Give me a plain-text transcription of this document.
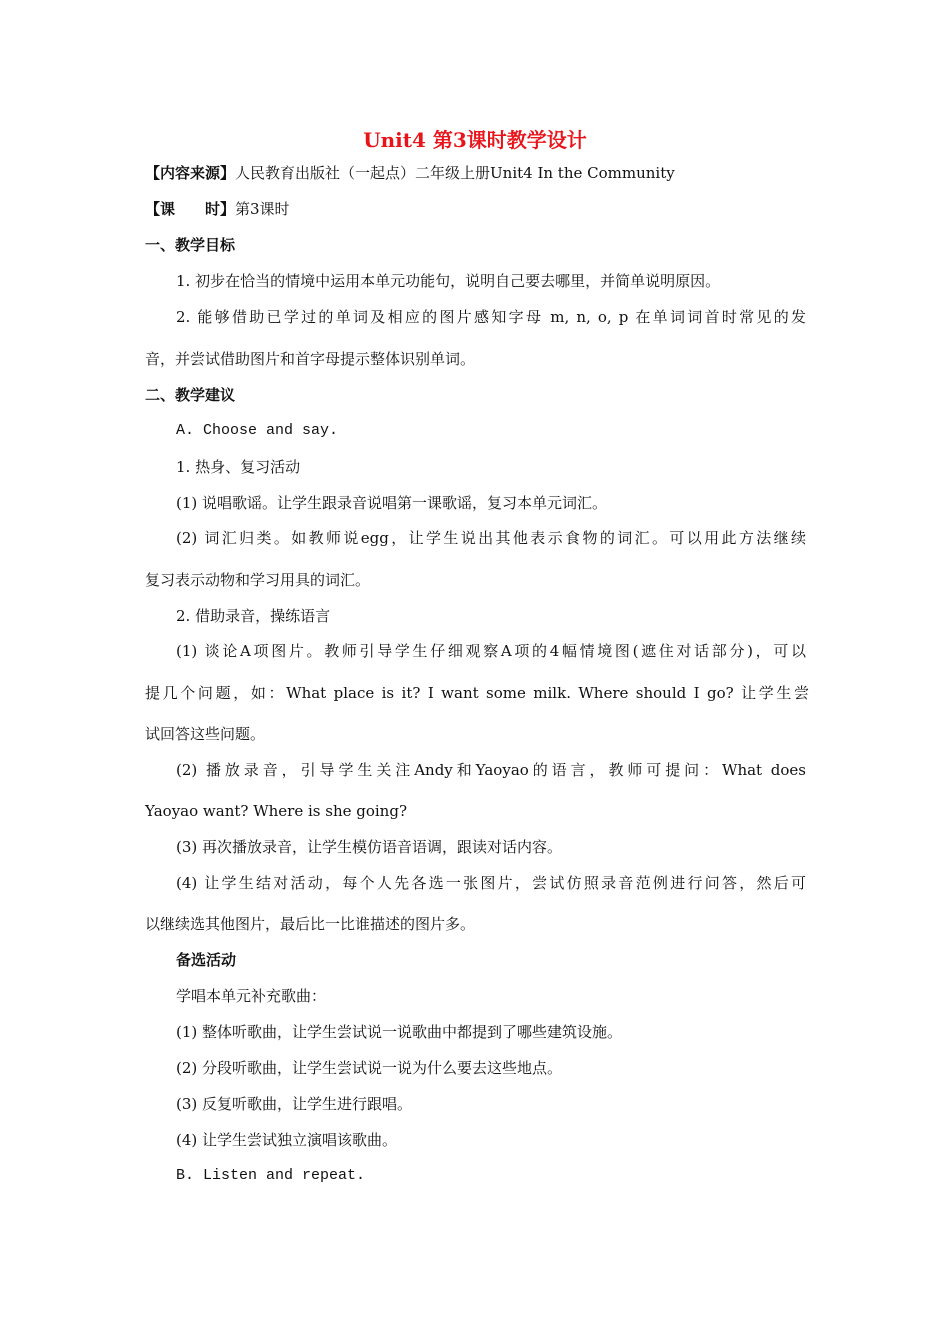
Unit4 第3课时教学设计
【内容来源】人民教育出版社（一起点）二年级上册Unit4 In the Community
【课　　时】第3课时
一、教学目标
1. 初步在恰当的情境中运用本单元功能句，说明自己要去哪里，并简单说明原因。
2. 能够借助已学过的单词及相应的图片感知字母 m, n, o, p 在单词词首时常见的发
音，并尝试借助图片和首字母提示整体识别单词。
二、教学建议
A. Choose and say.
1. 热身、复习活动
(1) 说唱歌谣。让学生跟录音说唱第一课歌谣，复习本单元词汇。
(2) 词汇归类。如教师说egg，让学生说出其他表示食物的词汇。可以用此方法继续
复习表示动物和学习用具的词汇。
2. 借助录音，操练语言
(1) 谈论A项图片。教师引导学生仔细观察A项的4幅情境图(遮住对话部分)，可以
提几个问题，如：What place is it? I want some milk. Where should I go? 让学生尝
试回答这些问题。
(2) 播放录音，引导学生关注Andy和Yaoyao的语言，教师可提问：What does
Yaoyao want? Where is she going?
(3) 再次播放录音，让学生模仿语音语调，跟读对话内容。
(4) 让学生结对活动，每个人先各选一张图片，尝试仿照录音范例进行问答，然后可
以继续选其他图片，最后比一比谁描述的图片多。
备选活动
学唱本单元补充歌曲：
(1) 整体听歌曲，让学生尝试说一说歌曲中都提到了哪些建筑设施。
(2) 分段听歌曲，让学生尝试说一说为什么要去这些地点。
(3) 反复听歌曲，让学生进行跟唱。
(4) 让学生尝试独立演唱该歌曲。
B. Listen and repeat.
